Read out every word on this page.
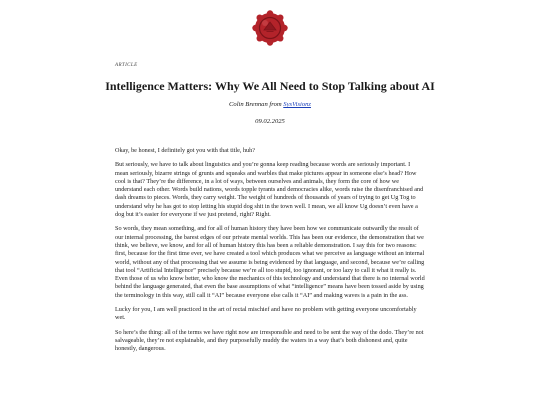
ARTICLE
Intelligence Matters: Why We All Need to Stop Talking about AI
Colin Brennan from SysVisionz
09.02.2025

Okay, be honest, I definitely got you with that title, huh?

But seriously, we have to talk about linguistics and you’re gonna keep reading because words are seriously important. I mean seriously, bizarre strings of grunts and squeaks and warbles that make pictures appear in someone else’s head? How cool is that? They’re the difference, in a lot of ways, between ourselves and animals, they form the core of how we understand each other. Words build nations, words topple tyrants and democracies alike, words raise the disenfranchised and dash dreams to pieces. Words, they carry weight. The weight of hundreds of thousands of years of trying to get Ug Tog to understand why he has got to stop letting his stupid dog shit in the town well. I mean, we all know Ug doesn’t even have a dog but it’s easier for everyone if we just pretend, right? Right.

So words, they mean something, and for all of human history they have been how we communicate outwardly the result of our internal processing, the barest edges of our private mental worlds. This has been our evidence, the demonstration that we think, we believe, we know, and for all of human history this has been a reliable demonstration. I say this for two reasons: first, because for the first time ever, we have created a tool which produces what we perceive as language without an internal world, without any of that processing that we assume is being evidenced by that language, and second, because we’re calling that tool “Artificial Intelligence” precisely because we’re all too stupid, too ignorant, or too lazy to call it what it really is. Even those of us who know better, who know the mechanics of this technology and understand that there is no internal world behind the language generated, that even the base assumptions of what “intelligence” means have been tossed aside by using the terminology in this way, still call it “AI” because everyone else calls it “AI” and making waves is a pain in the ass.

Lucky for you, I am well practiced in the art of rectal mischief and have no problem with getting everyone uncomfortably wet.

So here’s the thing: all of the terms we have right now are irresponsible and need to be sent the way of the dodo. They’re not salvageable, they’re not explainable, and they purposefully muddy the waters in a way that’s both dishonest and, quite honestly, dangerous.
